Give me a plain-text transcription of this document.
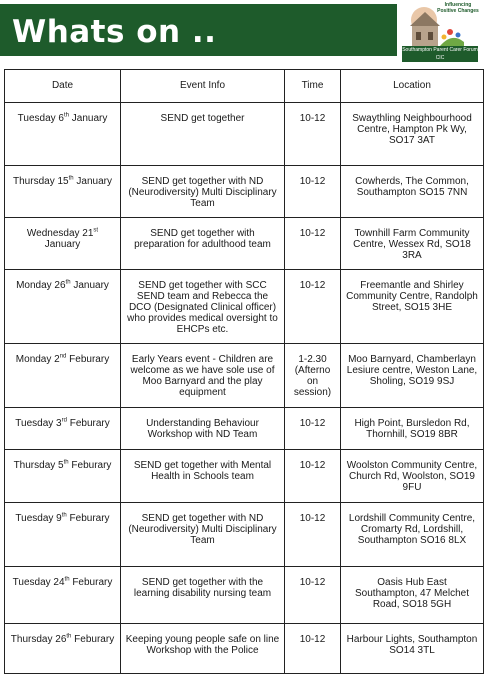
Whats on ..
Influencing Positive Changes
Southampton Parent Carer Forum CIC
Date	Event Info	Time	Location
Tuesday 6th January	SEND get together	10-12	Swaythling Neighbourhood Centre, Hampton Pk Wy, SO17 3AT
Thursday 15th January	SEND get together with ND (Neurodiversity) Multi Disciplinary Team	10-12	Cowherds, The Common, Southampton SO15 7NN
Wednesday 21st January	SEND get together with preparation for adulthood team	10-12	Townhill Farm Community Centre, Wessex Rd, SO18 3RA
Monday 26th January	SEND get together with SCC SEND team and Rebecca the DCO (Designated Clinical officer) who provides medical oversight to EHCPs etc.	10-12	Freemantle and Shirley Community Centre, Randolph Street, SO15 3HE
Monday 2nd Feburary	Early Years event - Children are welcome as we have sole use of Moo Barnyard and the play equipment	1-2.30 (Afterno on session)	Moo Barnyard, Chamberlayn Lesiure centre, Weston Lane, Sholing, SO19 9SJ
Tuesday 3rd Feburary	Understanding Behaviour Workshop with ND Team	10-12	High Point, Bursledon Rd, Thornhill, SO19 8BR
Thursday 5th Feburary	SEND get together with Mental Health in Schools team	10-12	Woolston Community Centre, Church Rd, Woolston, SO19 9FU
Tuesday 9th Feburary	SEND get together with ND (Neurodiversity) Multi Disciplinary Team	10-12	Lordshill Community Centre, Cromarty Rd, Lordshill, Southampton SO16 8LX
Tuesday 24th Feburary	SEND get together with the learning disability nursing team	10-12	Oasis Hub East Southampton, 47 Melchet Road, SO18 5GH
Thursday 26th Feburary	Keeping young people safe on line Workshop with the Police	10-12	Harbour Lights, Southampton SO14 3TL
